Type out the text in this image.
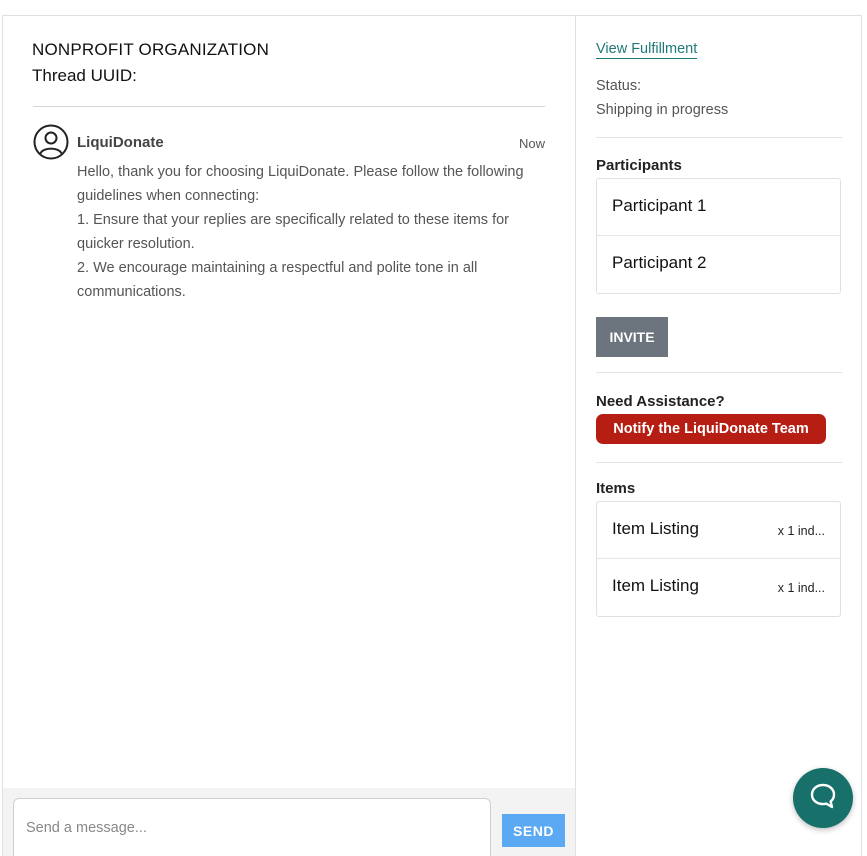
NONPROFIT ORGANIZATION
Thread UUID:
LiquiDonate	Now

Hello, thank you for choosing LiquiDonate. Please follow the following guidelines when connecting:

1. Ensure that your replies are specifically related to these items for quicker resolution.

2. We encourage maintaining a respectful and polite tone in all communications.

Send a message...
SEND
View Fulfillment
Status:
Shipping in progress
Participants
Participant 1
Participant 2
INVITE
Need Assistance?
Notify the LiquiDonate Team
Items
Item Listing	x 1 ind...
Item Listing	x 1 ind...
